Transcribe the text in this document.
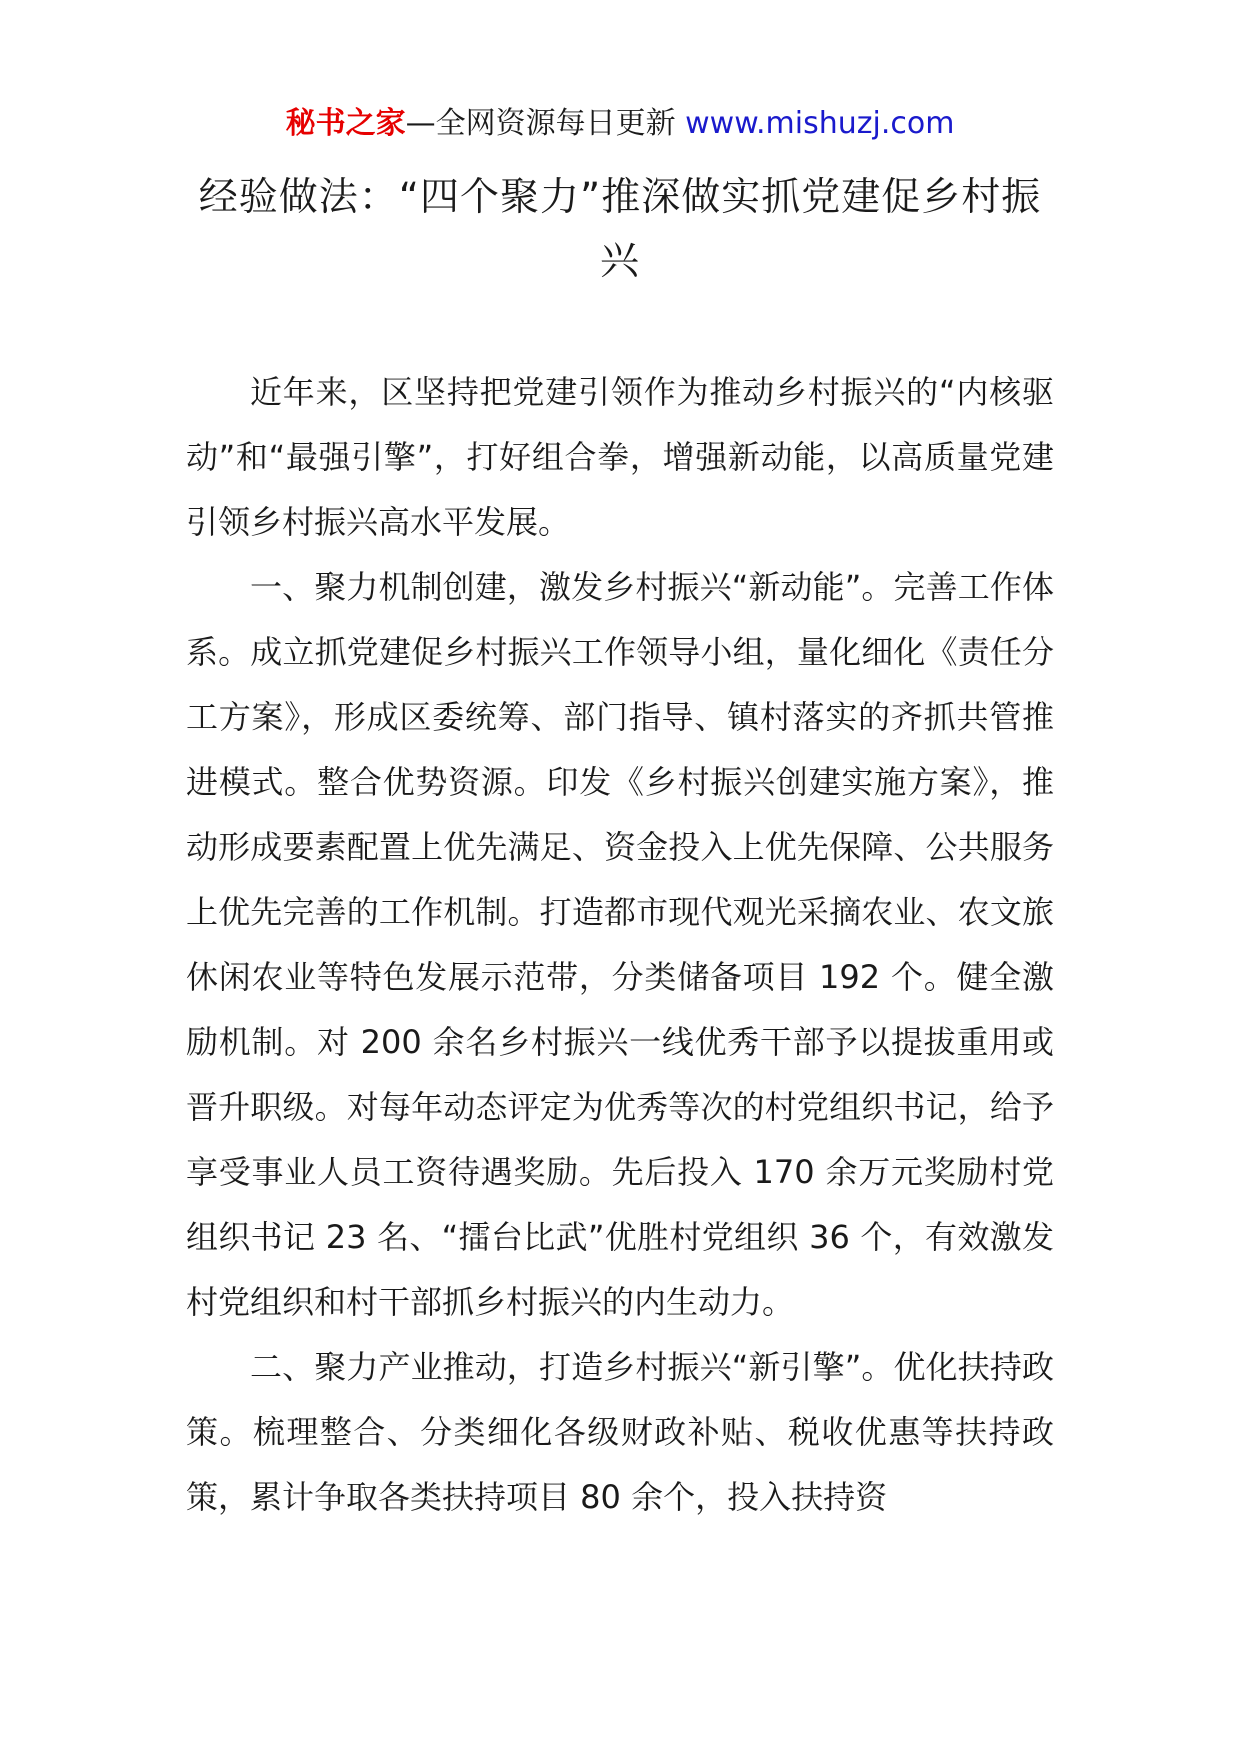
秘书之家—全网资源每日更新 www.mishuzj.com
经验做法：“四个聚力”推深做实抓党建促乡村振兴

近年来，区坚持把党建引领作为推动乡村振兴的“内核驱动”和“最强引擎”，打好组合拳，增强新动能，以高质量党建引领乡村振兴高水平发展。

一、聚力机制创建，激发乡村振兴“新动能”。完善工作体系。成立抓党建促乡村振兴工作领导小组，量化细化《责任分工方案》，形成区委统筹、部门指导、镇村落实的齐抓共管推进模式。整合优势资源。印发《乡村振兴创建实施方案》，推动形成要素配置上优先满足、资金投入上优先保障、公共服务上优先完善的工作机制。打造都市现代观光采摘农业、农文旅休闲农业等特色发展示范带，分类储备项目 192 个。健全激励机制。对 200 余名乡村振兴一线优秀干部予以提拔重用或晋升职级。对每年动态评定为优秀等次的村党组织书记，给予享受事业人员工资待遇奖励。先后投入 170 余万元奖励村党组织书记 23 名、“擂台比武”优胜村党组织 36 个，有效激发村党组织和村干部抓乡村振兴的内生动力。

二、聚力产业推动，打造乡村振兴“新引擎”。优化扶持政策。梳理整合、分类细化各级财政补贴、税收优惠等扶持政策，累计争取各类扶持项目 80 余个，投入扶持资
